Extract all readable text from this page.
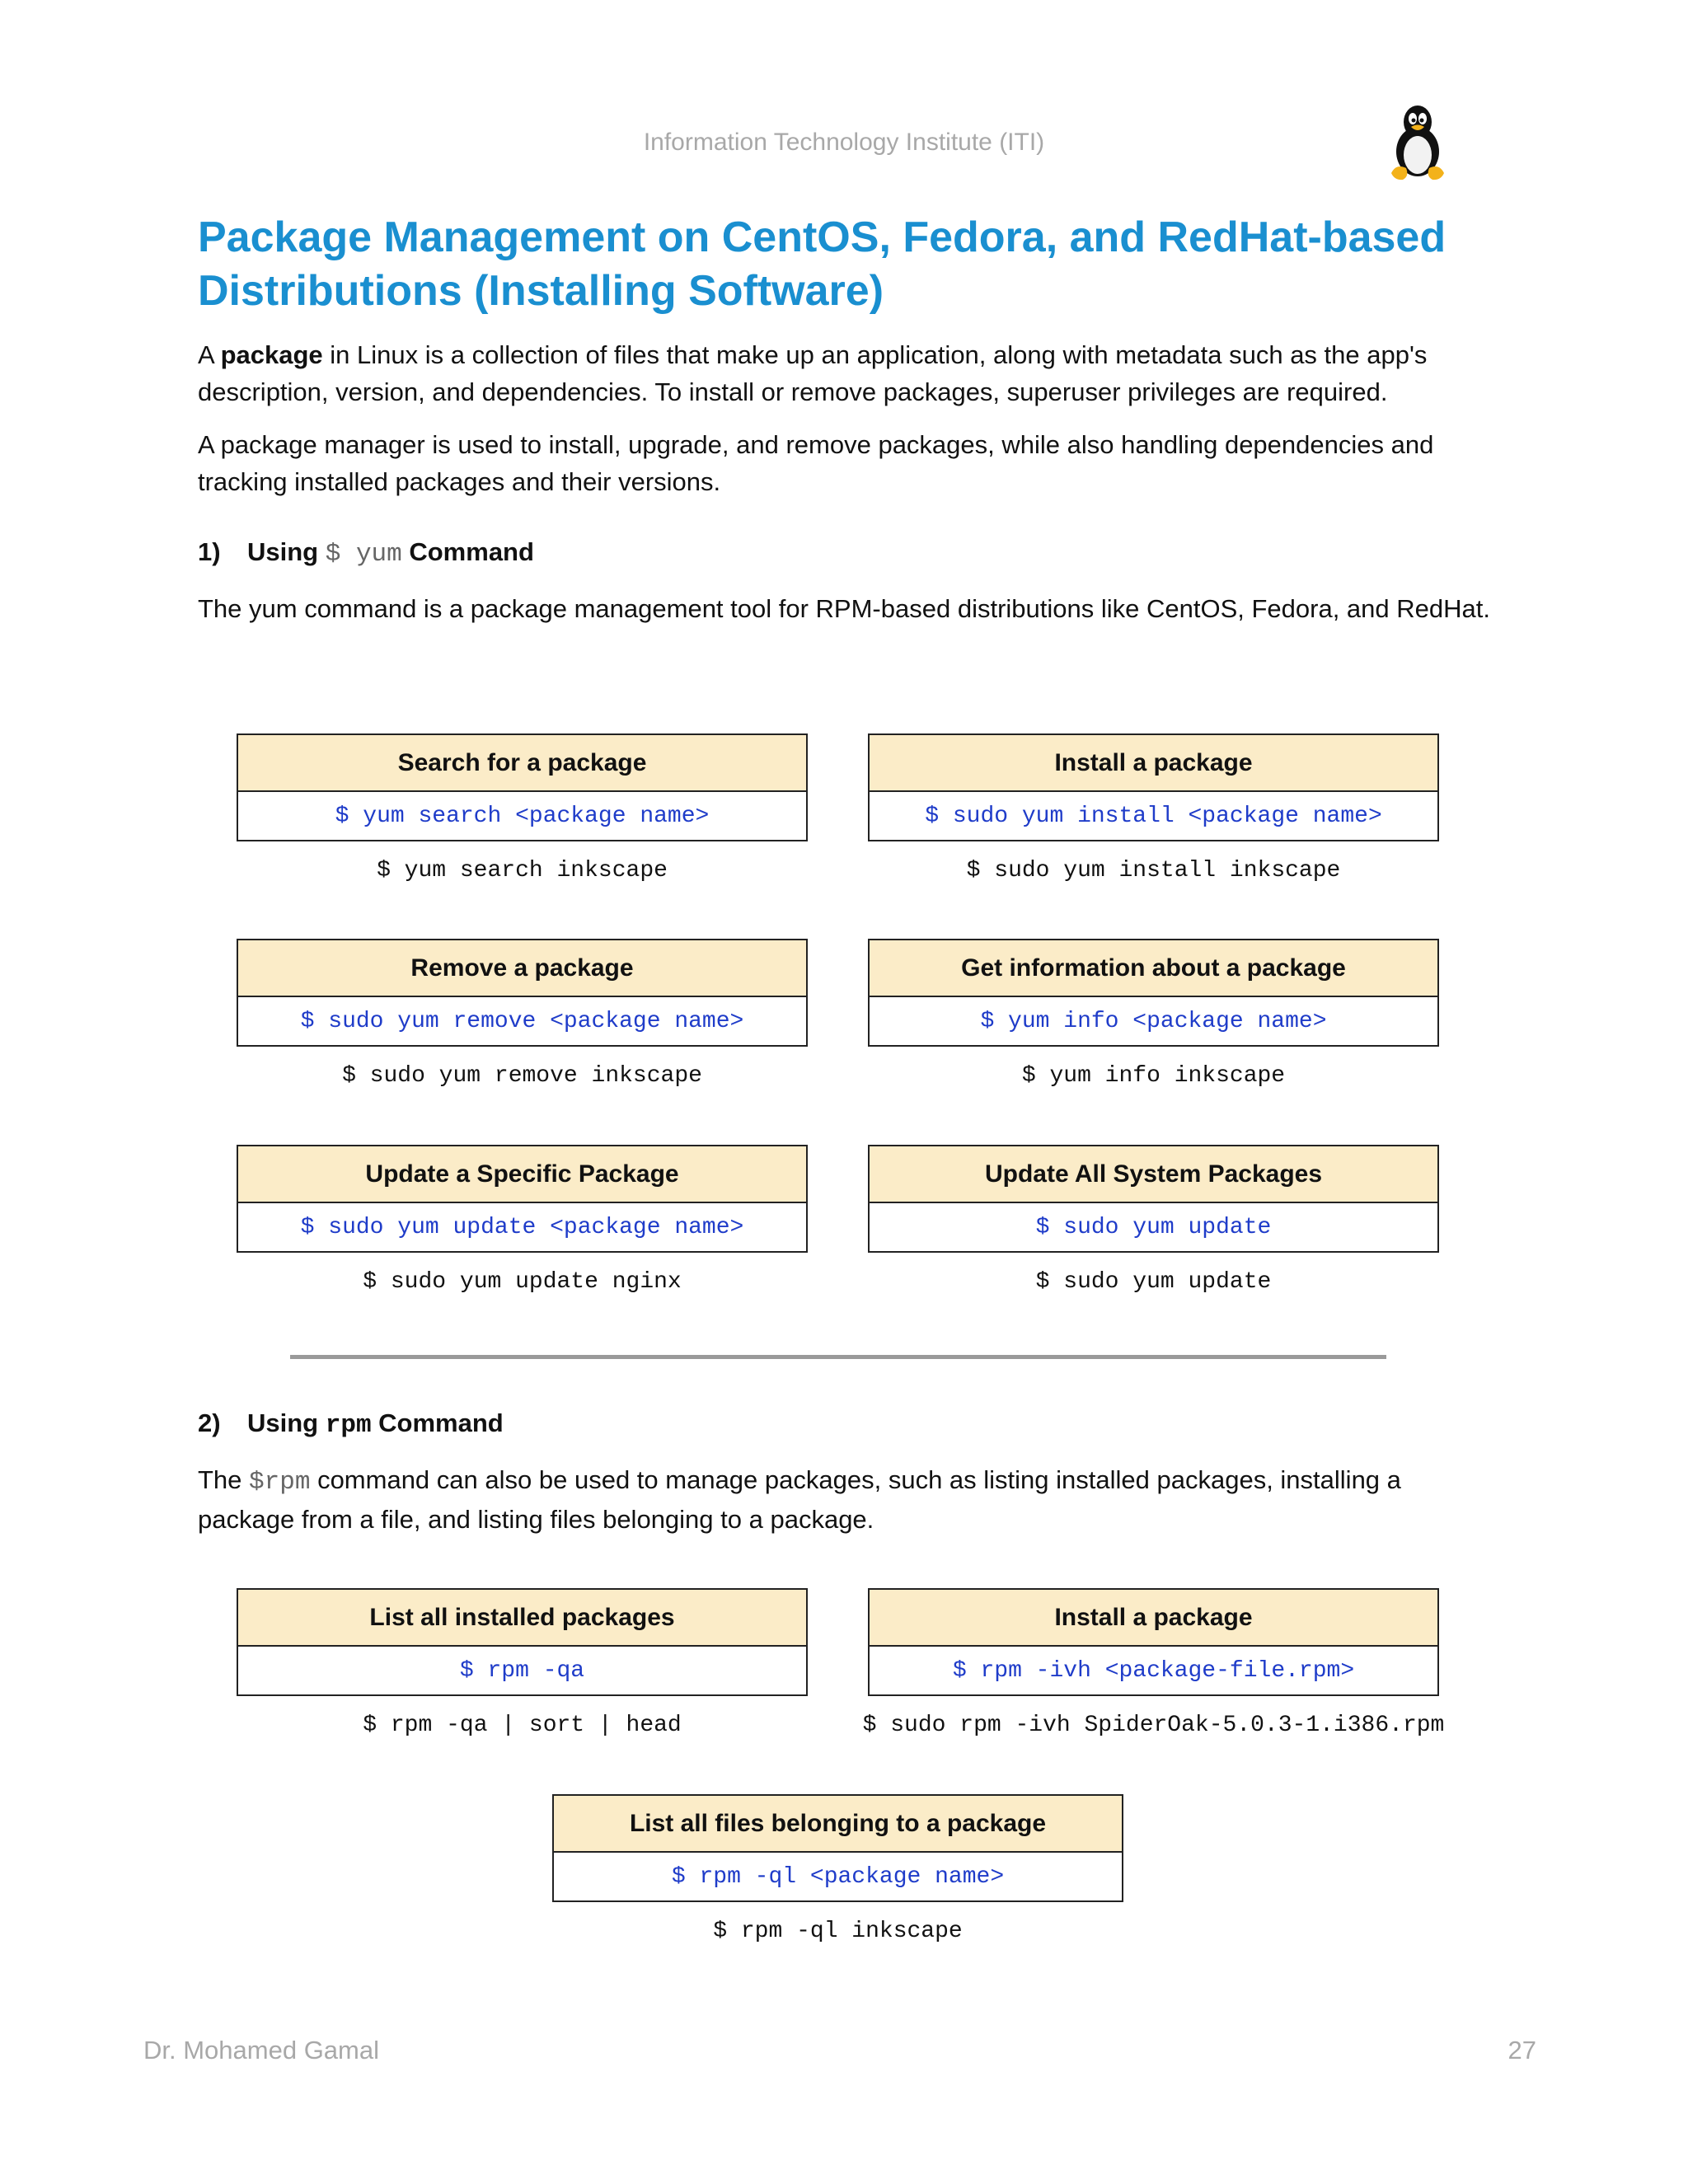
Information Technology Institute (ITI)
Package Management on CentOS, Fedora, and RedHat-based Distributions (Installing Software)

A package in Linux is a collection of files that make up an application, along with metadata such as the app's description, version, and dependencies. To install or remove packages, superuser privileges are required.

A package manager is used to install, upgrade, and remove packages, while also handling dependencies and tracking installed packages and their versions.

1) Using $ yum Command

The yum command is a package management tool for RPM-based distributions like CentOS, Fedora, and RedHat.

Search for a package
$ yum search <package name>
$ yum search inkscape
Install a package
$ sudo yum install <package name>
$ sudo yum install inkscape
Remove a package
$ sudo yum remove <package name>
$ sudo yum remove inkscape
Get information about a package
$ yum info <package name>
$ yum info inkscape
Update a Specific Package
$ sudo yum update <package name>
$ sudo yum update nginx
Update All System Packages
$ sudo yum update
$ sudo yum update
2) Using rpm Command

The $rpm command can also be used to manage packages, such as listing installed packages, installing a package from a file, and listing files belonging to a package.

List all installed packages
$ rpm -qa
$ rpm -qa | sort | head
Install a package
$ rpm -ivh <package-file.rpm>
$ sudo rpm -ivh SpiderOak-5.0.3-1.i386.rpm
List all files belonging to a package
$ rpm -ql <package name>
$ rpm -ql inkscape
Dr. Mohamed Gamal	27
